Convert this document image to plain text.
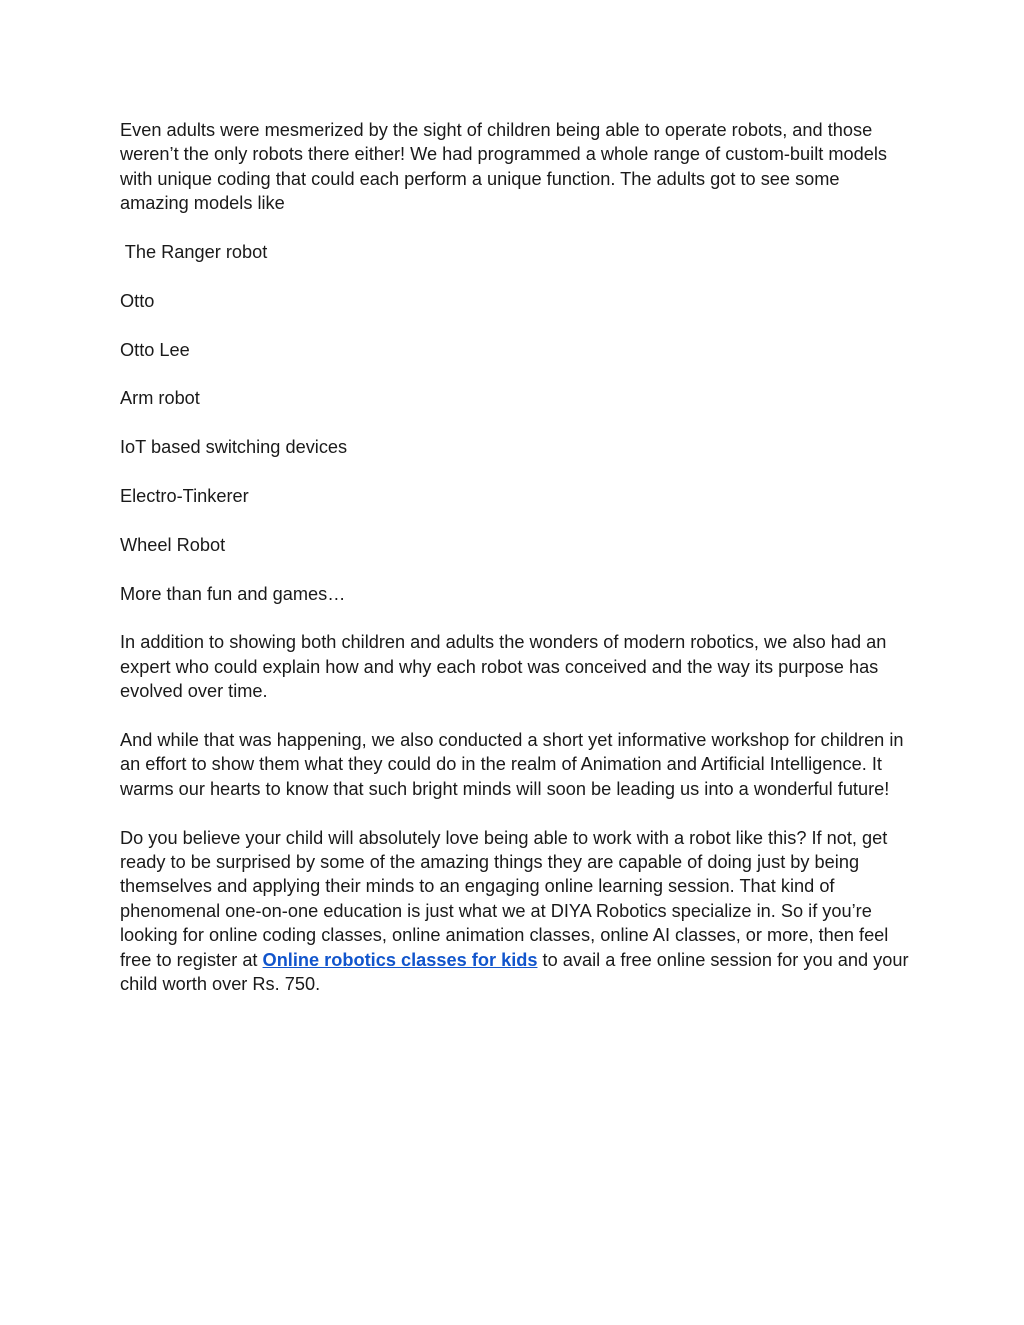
Even adults were mesmerized by the sight of children being able to operate robots, and those weren’t the only robots there either! We had programmed a whole range of custom-built models with unique coding that could each perform a unique function. The adults got to see some amazing models like

The Ranger robot

Otto

Otto Lee

Arm robot

IoT based switching devices

Electro-Tinkerer

Wheel Robot

More than fun and games…

In addition to showing both children and adults the wonders of modern robotics, we also had an expert who could explain how and why each robot was conceived and the way its purpose has evolved over time.

And while that was happening, we also conducted a short yet informative workshop for children in an effort to show them what they could do in the realm of Animation and Artificial Intelligence. It warms our hearts to know that such bright minds will soon be leading us into a wonderful future!

Do you believe your child will absolutely love being able to work with a robot like this? If not, get ready to be surprised by some of the amazing things they are capable of doing just by being themselves and applying their minds to an engaging online learning session. That kind of phenomenal one-on-one education is just what we at DIYA Robotics specialize in. So if you’re looking for online coding classes, online animation classes, online AI classes, or more, then feel free to register at Online robotics classes for kids to avail a free online session for you and your child worth over Rs. 750.
